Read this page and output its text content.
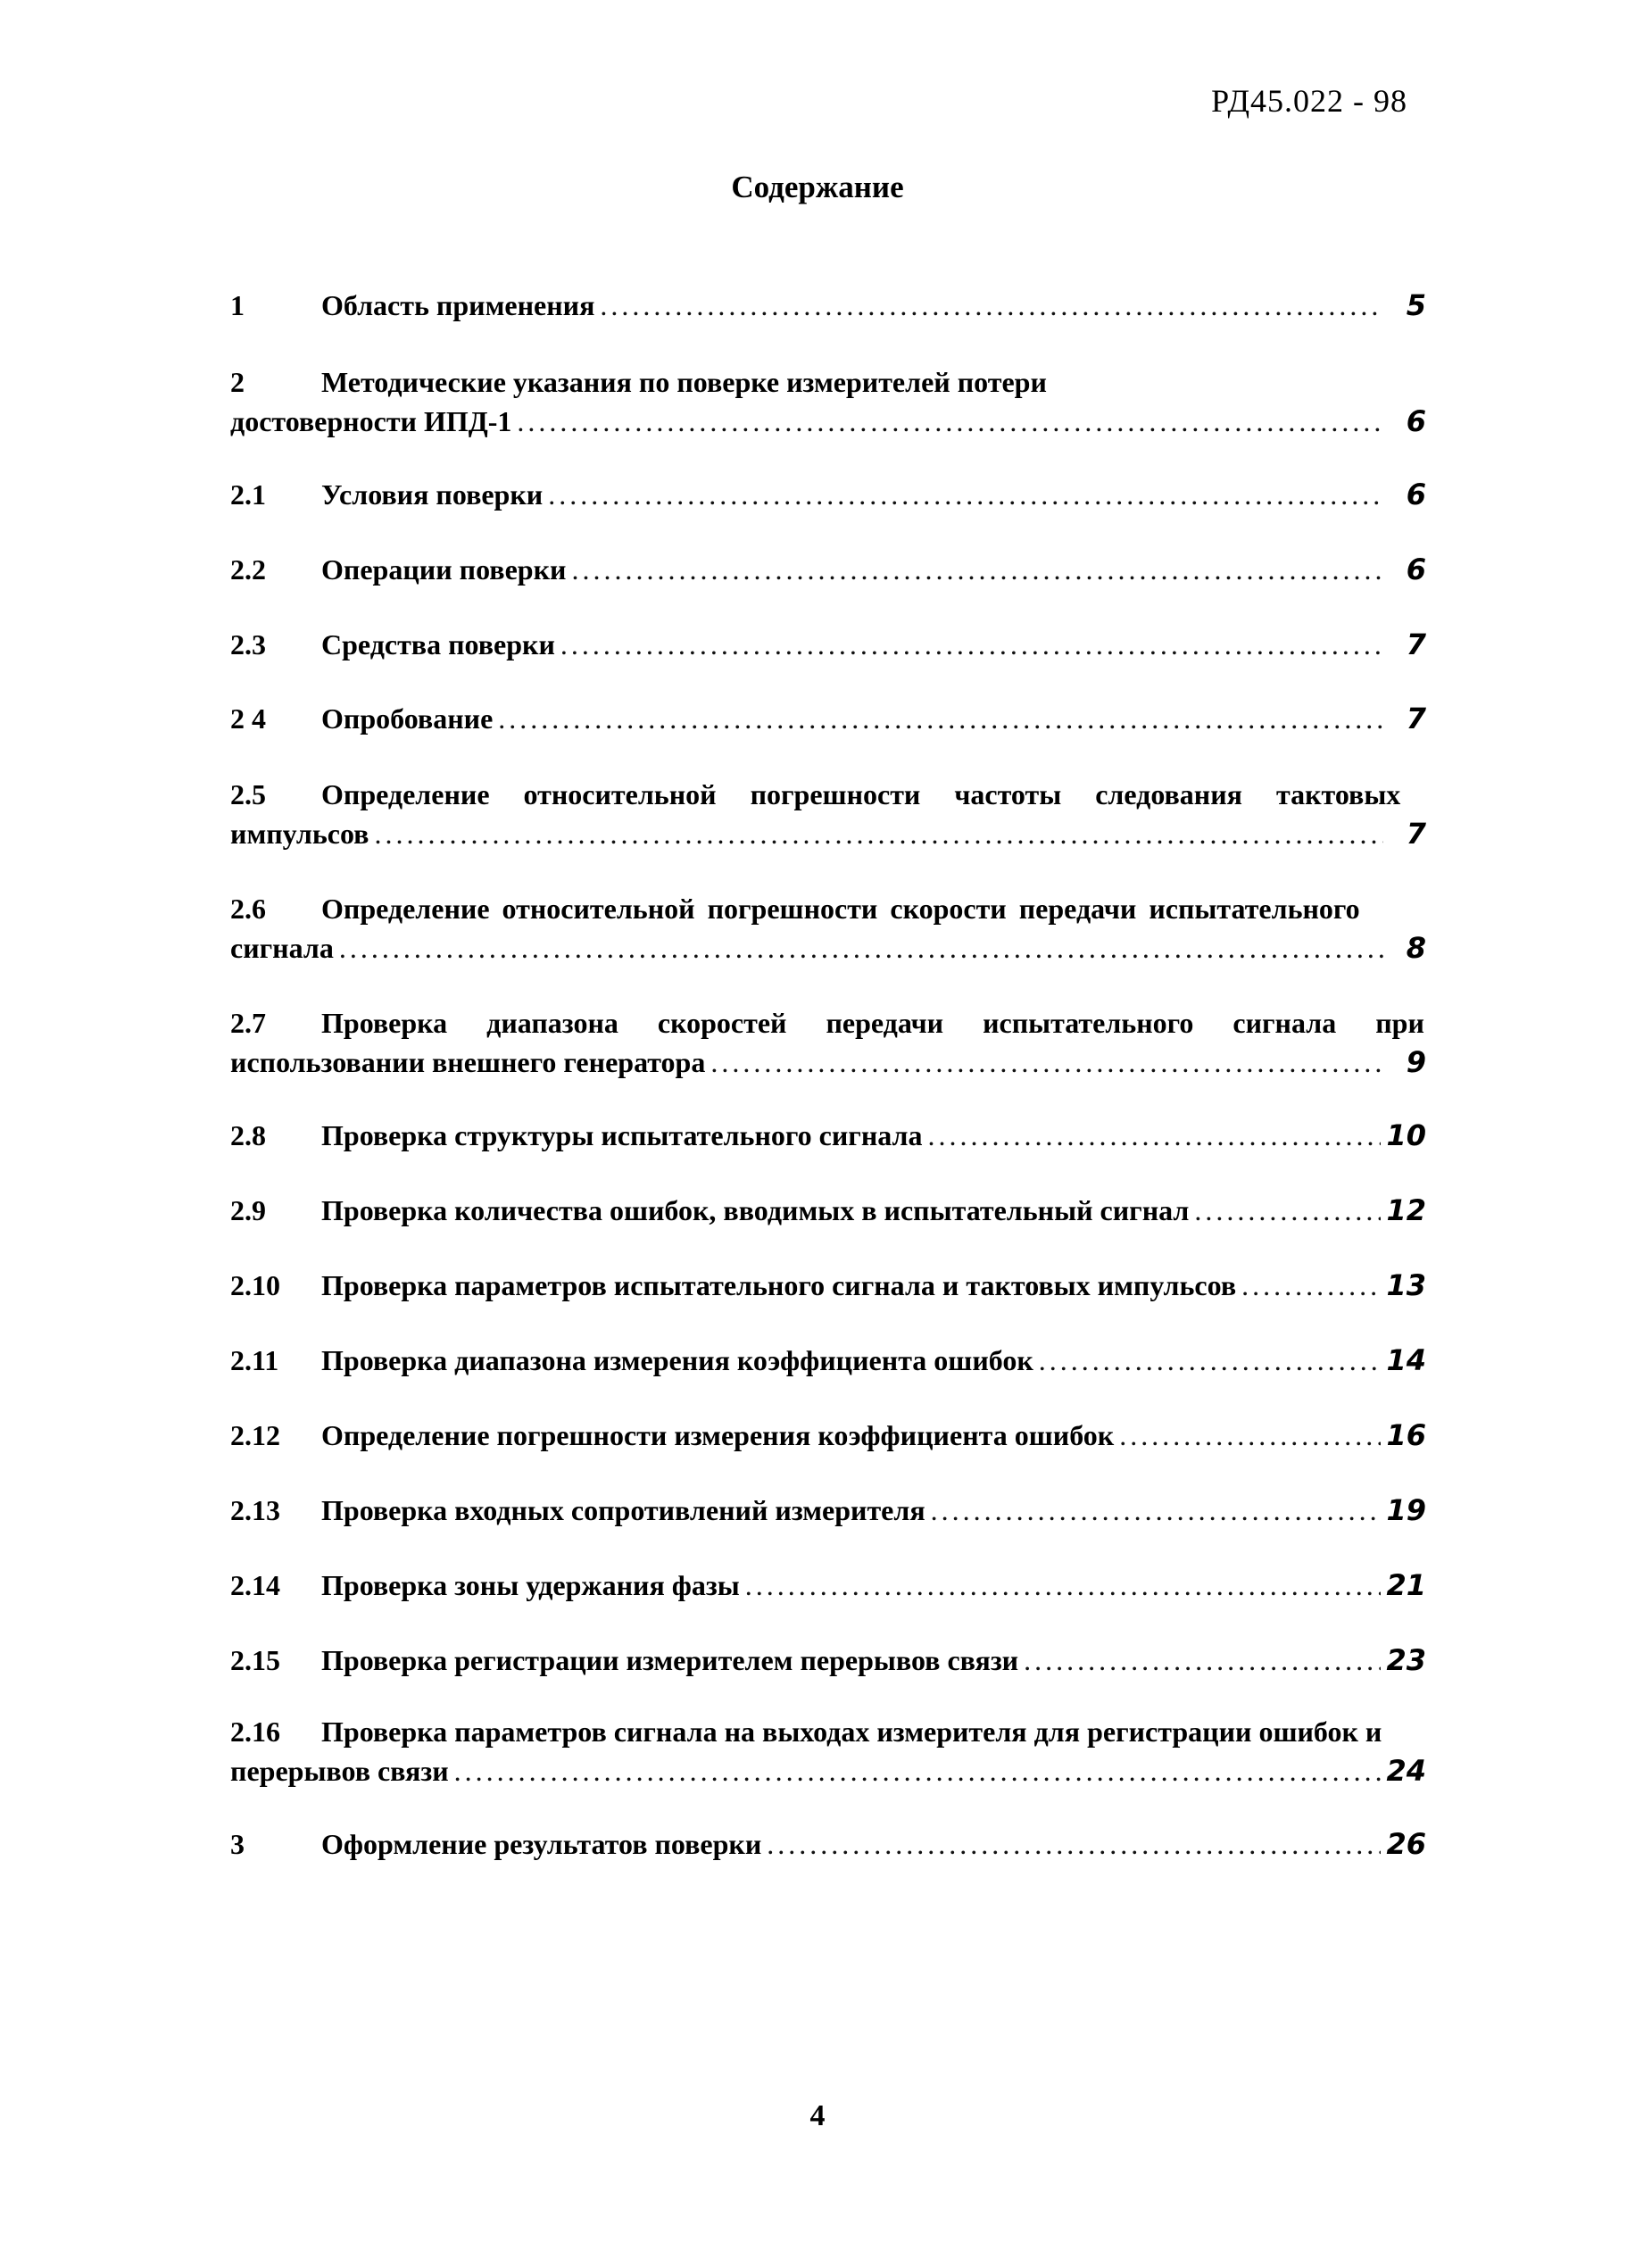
РД45.022 - 98
Содержание
1	Область применения .....	5
2	Методические указания по поверке измерителей потери
достоверности ИПД-1 .....	6
2.1	Условия поверки .....	6
2.2	Операции поверки .....	6
2.3	Средства поверки .....	7
2 4	Опробование .....	7
2.5	Определение относительной погрешности частоты следования тактовых
импульсов .....	7
2.6	Определение относительной погрешности скорости передачи испытательного
сигнала .....	8
2.7	Проверка диапазона скоростей передачи испытательного сигнала при
использовании внешнего генератора .....	9
2.8	Проверка структуры испытательного сигнала .....	10
2.9	Проверка количества ошибок, вводимых в испытательный сигнал .....	12
2.10	Проверка параметров испытательного сигнала и тактовых импульсов .....	13
2.11	Проверка диапазона измерения коэффициента ошибок .....	14
2.12	Определение погрешности измерения коэффициента ошибок .....	16
2.13	Проверка входных сопротивлений измерителя .....	19
2.14	Проверка зоны удержания фазы .....	21
2.15	Проверка регистрации измерителем перерывов связи .....	23
2.16	Проверка параметров сигнала на выходах измерителя для регистрации ошибок и
перерывов связи .....	24
3	Оформление результатов поверки .....	26
4
